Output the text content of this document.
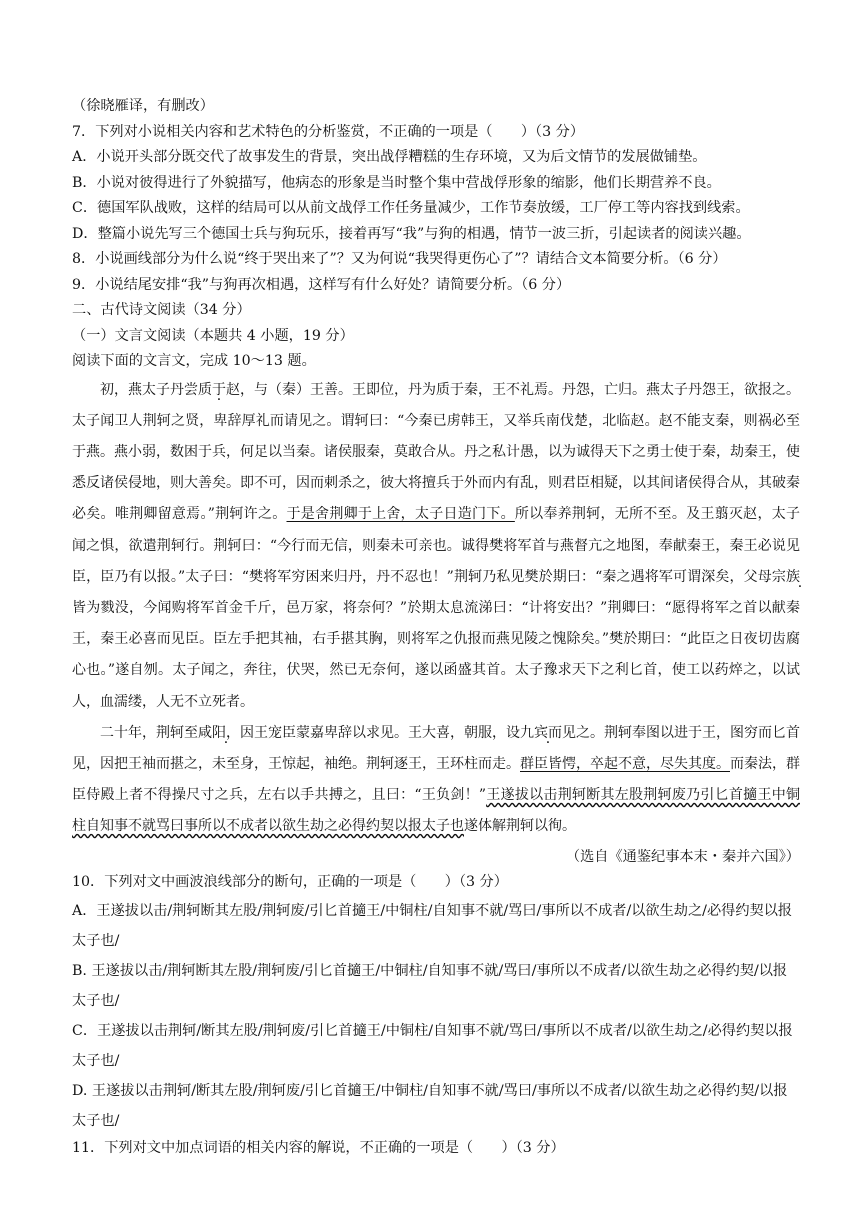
（徐晓雁译，有删改）
7．下列对小说相关内容和艺术特色的分析鉴赏，不正确的一项是（　　）（3 分）
A．小说开头部分既交代了故事发生的背景，突出战俘糟糕的生存环境，又为后文情节的发展做铺垫。
B．小说对彼得进行了外貌描写，他病态的形象是当时整个集中营战俘形象的缩影，他们长期营养不良。
C．德国军队战败，这样的结局可以从前文战俘工作任务量减少，工作节奏放缓，工厂停工等内容找到线索。
D．整篇小说先写三个德国士兵与狗玩乐，接着再写“我”与狗的相遇，情节一波三折，引起读者的阅读兴趣。
8．小说画线部分为什么说“终于哭出来了”？又为何说“我哭得更伤心了”？请结合文本简要分析。（6 分）
9．小说结尾安排“我”与狗再次相遇，这样写有什么好处？请简要分析。（6 分）
二、古代诗文阅读（34 分）
（一）文言文阅读（本题共 4 小题，19 分）
阅读下面的文言文，完成 10～13 题。
初，燕太子丹尝质于赵，与（秦）王善。王即位，丹为质于秦，王不礼焉。丹怨，亡归。燕太子丹怨王，欲报之。太子闻卫人荆轲之贤，卑辞厚礼而请见之。谓轲曰：“今秦已虏韩王，又举兵南伐楚，北临赵。赵不能支秦，则祸必至于燕。燕小弱，数困于兵，何足以当秦。诸侯服秦，莫敢合从。丹之私计愚，以为诚得天下之勇士使于秦，劫秦王，使悉反诸侯侵地，则大善矣。即不可，因而刺杀之，彼大将擅兵于外而内有乱，则君臣相疑，以其间诸侯得合从，其破秦必矣。唯荆卿留意焉。”荆轲许之。于是舍荆卿于上舍，太子日造门下。所以奉养荆轲，无所不至。及王翦灭赵，太子闻之惧，欲遣荆轲行。荆轲曰：“今行而无信，则秦未可亲也。诚得樊将军首与燕督亢之地图，奉献秦王，秦王必说见臣，臣乃有以报。”太子曰：“樊将军穷困来归丹，丹不忍也！”荆轲乃私见樊於期曰：“秦之遇将军可谓深矣，父母宗族皆为戮没，今闻购将军首金千斤，邑万家，将奈何？”於期太息流涕曰：“计将安出？”荆卿曰：“愿得将军之首以献秦王，秦王必喜而见臣。臣左手把其袖，右手揕其胸，则将军之仇报而燕见陵之愧除矣。”樊於期曰：“此臣之日夜切齿腐心也。”遂自刎。太子闻之，奔往，伏哭，然已无奈何，遂以函盛其首。太子豫求天下之利匕首，使工以药焠之，以试人，血濡缕，人无不立死者。
二十年，荆轲至咸阳，因王宠臣蒙嘉卑辞以求见。王大喜，朝服，设九宾而见之。荆轲奉图以进于王，图穷而匕首见，因把王袖而揕之，未至身，王惊起，袖绝。荆轲逐王，王环柱而走。群臣皆愕，卒起不意，尽失其度。而秦法，群臣侍殿上者不得操尺寸之兵，左右以手共搏之，且曰：“王负剑！”王遂拔以击荆轲断其左股荆轲废乃引匕首擿王中铜柱自知事不就骂曰事所以不成者以欲生劫之必得约契以报太子也遂体解荆轲以徇。
（选自《通鉴纪事本末・秦并六国》）
10．下列对文中画波浪线部分的断句，正确的一项是（　　）（3 分）
A．王遂拔以击/荆轲断其左股/荆轲废/引匕首擿王/中铜柱/自知事不就/骂曰/事所以不成者/以欲生劫之/必得约契以报太子也/
B. 王遂拔以击/荆轲断其左股/荆轲废/引匕首擿王/中铜柱/自知事不就/骂曰/事所以不成者/以欲生劫之必得约契/以报太子也/
C．王遂拔以击荆轲/断其左股/荆轲废/引匕首擿王/中铜柱/自知事不就/骂曰/事所以不成者/以欲生劫之/必得约契以报太子也/
D. 王遂拔以击荆轲/断其左股/荆轲废/引匕首擿王/中铜柱/自知事不就/骂曰/事所以不成者/以欲生劫之必得约契/以报太子也/
11．下列对文中加点词语的相关内容的解说，不正确的一项是（　　）（3 分）
